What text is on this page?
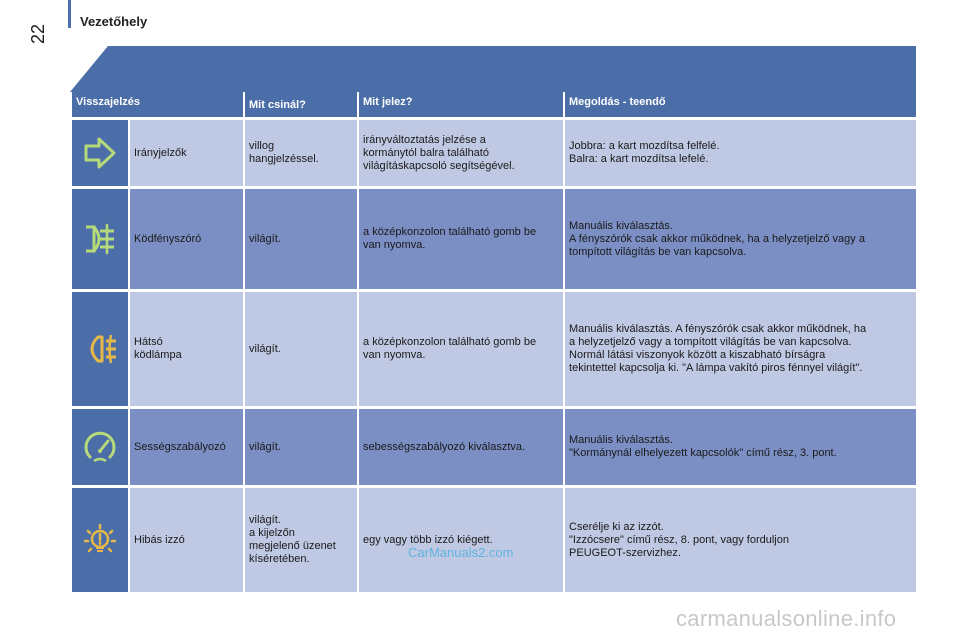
Vezetőhely
22
Visszajelzés		Mit csinál?	Mit jelez?	Megoldás - teendő

	Irányjelzők	villog
hangjelzéssel.	irányváltoztatás jelzése a
kormánytól balra található
világításkapcsoló segítségével.	Jobbra: a kart mozdítsa felfelé.
Balra: a kart mozdítsa lefelé.

	Ködfényszóró	világít.	a középkonzolon található gomb be
van nyomva.	Manuális kiválasztás.
A fényszórók csak akkor működnek, ha a helyzetjelző vagy a
tompított világítás be van kapcsolva.

	Hátsó
ködlámpa	világít.	a középkonzolon található gomb be
van nyomva.	Manuális kiválasztás. A fényszórók csak akkor működnek, ha
a helyzetjelző vagy a tompított világítás be van kapcsolva.
Normál látási viszonyok között a kiszabható bírságra
tekintettel kapcsolja ki. "A lámpa vakító piros fénnyel világít".

	Sességszabályozó	világít.	sebességszabályozó kiválasztva.	Manuális kiválasztás.
"Kormánynál elhelyezett kapcsolók" című rész, 3. pont.

	Hibás izzó	világít.
a kijelzőn
megjelenő üzenet
kíséretében.	egy vagy több izzó kiégett.	Cserélje ki az izzót.
"Izzócsere" című rész, 8. pont, vagy forduljon
PEUGEOT-szervizhez.
CarManuals2.com
carmanualsonline.info
